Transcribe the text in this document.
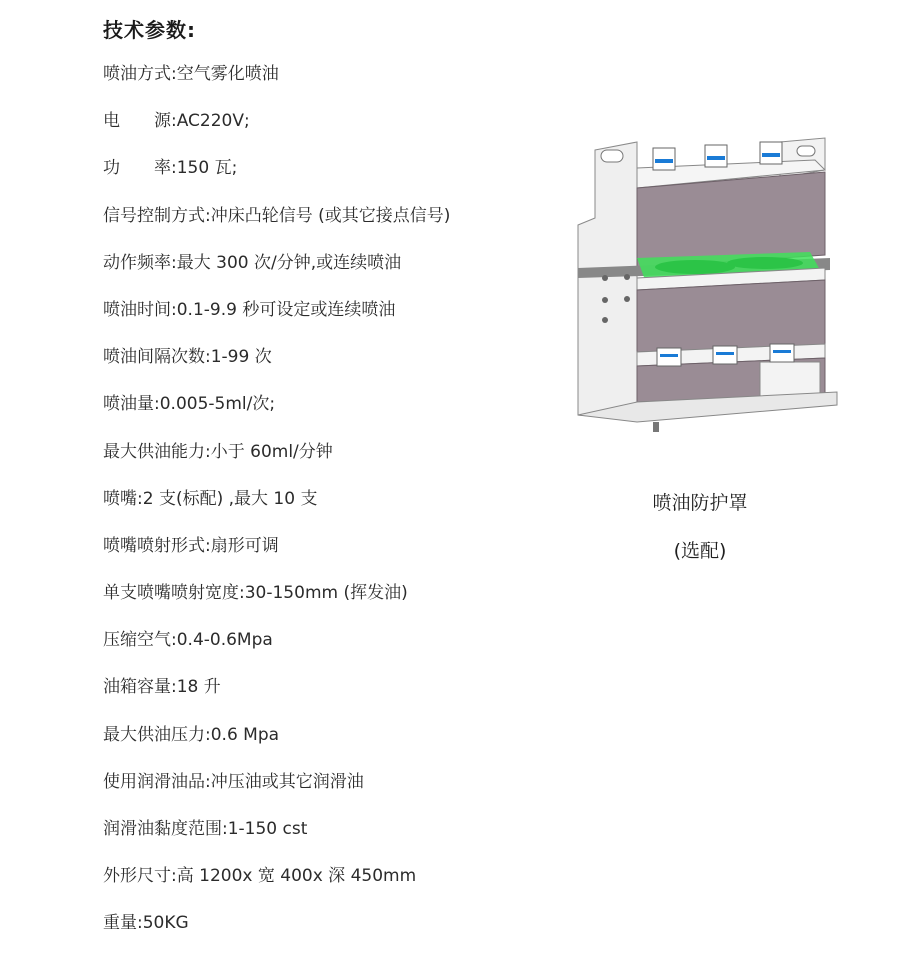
技术参数:
喷油方式:空气雾化喷油
电　　源:AC220V;
功　　率:150 瓦;
信号控制方式:冲床凸轮信号 (或其它接点信号)
动作频率:最大 300 次/分钟,或连续喷油
喷油时间:0.1-9.9 秒可设定或连续喷油
喷油间隔次数:1-99 次
喷油量:0.005-5ml/次;
最大供油能力:小于 60ml/分钟
喷嘴:2 支(标配) ,最大 10 支
喷嘴喷射形式:扇形可调
单支喷嘴喷射宽度:30-150mm (挥发油)
压缩空气:0.4-0.6Mpa
油箱容量:18 升
最大供油压力:0.6 Mpa
使用润滑油品:冲压油或其它润滑油
润滑油黏度范围:1-150 cst
外形尺寸:高 1200x 宽 400x 深 450mm
重量:50KG
喷油防护罩
(选配)
